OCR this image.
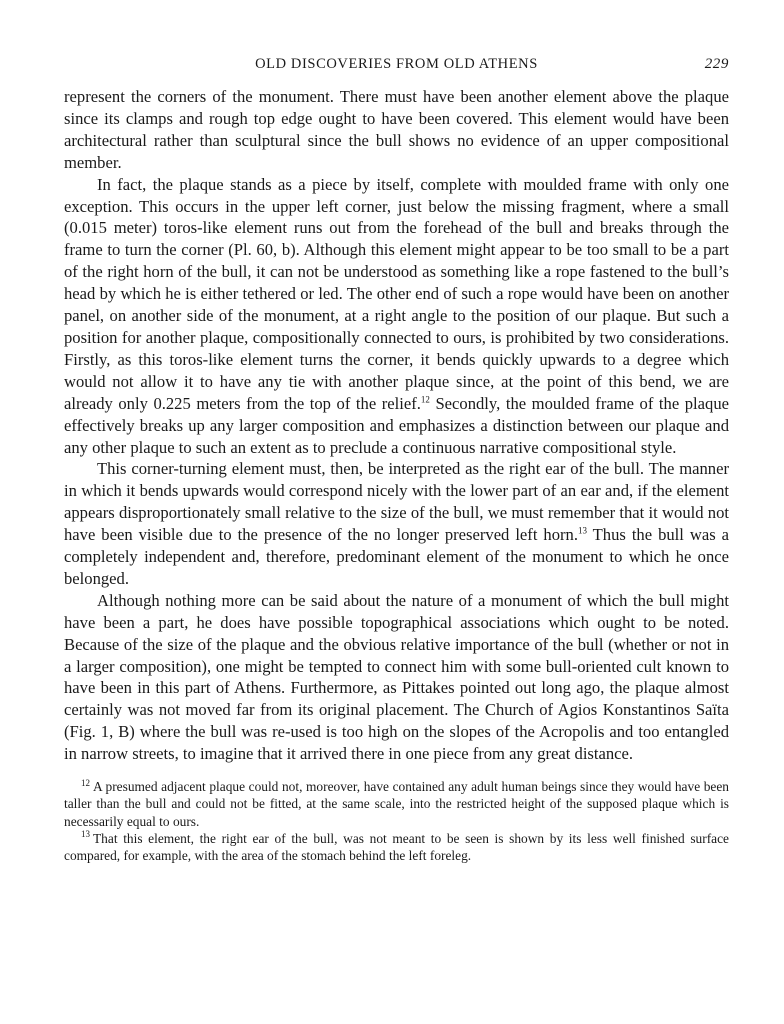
OLD DISCOVERIES FROM OLD ATHENS	229

represent the corners of the monument. There must have been another element above the plaque since its clamps and rough top edge ought to have been covered. This element would have been architectural rather than sculptural since the bull shows no evidence of an upper compositional member.

In fact, the plaque stands as a piece by itself, complete with moulded frame with only one exception. This occurs in the upper left corner, just below the missing fragment, where a small (0.015 meter) toros-like element runs out from the forehead of the bull and breaks through the frame to turn the corner (Pl. 60, b). Although this element might appear to be too small to be a part of the right horn of the bull, it can not be understood as something like a rope fastened to the bull’s head by which he is either tethered or led. The other end of such a rope would have been on another panel, on another side of the monument, at a right angle to the position of our plaque. But such a position for another plaque, compositionally connected to ours, is prohibited by two considerations. Firstly, as this toros-like element turns the corner, it bends quickly upwards to a degree which would not allow it to have any tie with another plaque since, at the point of this bend, we are already only 0.225 meters from the top of the relief.$^{12}$ Secondly, the moulded frame of the plaque effectively breaks up any larger composition and emphasizes a distinction between our plaque and any other plaque to such an extent as to preclude a continuous narrative compositional style.

This corner-turning element must, then, be interpreted as the right ear of the bull. The manner in which it bends upwards would correspond nicely with the lower part of an ear and, if the element appears disproportionately small relative to the size of the bull, we must remember that it would not have been visible due to the presence of the no longer preserved left horn.$^{13}$ Thus the bull was a completely independent and, therefore, predominant element of the monument to which he once belonged.

Although nothing more can be said about the nature of a monument of which the bull might have been a part, he does have possible topographical associations which ought to be noted. Because of the size of the plaque and the obvious relative importance of the bull (whether or not in a larger composition), one might be tempted to connect him with some bull-oriented cult known to have been in this part of Athens. Furthermore, as Pittakes pointed out long ago, the plaque almost certainly was not moved far from its original placement. The Church of Agios Konstantinos Saïta (Fig. 1, B) where the bull was re-used is too high on the slopes of the Acropolis and too entangled in narrow streets, to imagine that it arrived there in one piece from any great distance.

$^{12}$ A presumed adjacent plaque could not, moreover, have contained any adult human beings since they would have been taller than the bull and could not be fitted, at the same scale, into the restricted height of the supposed plaque which is necessarily equal to ours.

$^{13}$ That this element, the right ear of the bull, was not meant to be seen is shown by its less well finished surface compared, for example, with the area of the stomach behind the left foreleg.
